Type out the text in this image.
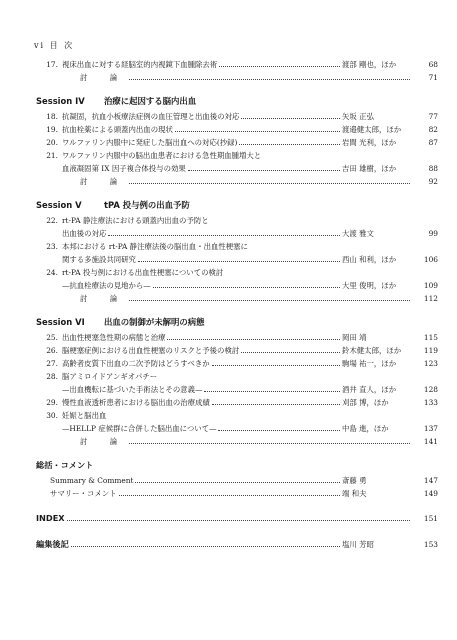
vi 目 次
17. 視床出血に対する経脳室的内視鏡下血腫除去術	渡部 剛也，ほか	68
討 論	71
Session IV	治療に起因する脳内出血
18. 抗凝固，抗血小板療法症例の血圧管理と出血後の対応	矢坂 正弘	77
19. 抗血栓薬による頭蓋内出血の現状	渡邉健太郎，ほか	82
20. ワルファリン内服中に発症した脳出血への対応(抄録)	岩間 光利，ほか	87
21. ワルファリン内服中の脳出血患者における急性期血腫増大と
血液凝固第 IX 因子複合体投与の効果	吉田 雄樹，ほか	88
討 論	92
Session V	tPA 投与例の出血予防
22. rt-PA 静注療法における頭蓋内出血の予防と
出血後の対応	大渡 雅文	99
23. 本邦における rt-PA 静注療法後の脳出血・出血性梗塞に
関する多施設共同研究	西山 和利，ほか	106
24. rt-PA 投与例における出血性梗塞についての検討
—抗血栓療法の見地から—	大里 俊明，ほか	109
討 論	112
Session VI	出血の制御が未解明の病態
25. 出血性梗塞急性期の病態と治療	岡田 靖	115
26. 脳梗塞症例における出血性梗塞のリスクと予後の検討	鈴木健太郎，ほか	119
27. 高齢者皮質下出血の二次予防はどうすべきか	駒場 祐一，ほか	123
28. 脳アミロイドアンギオパチー
—出血機転に基づいた手術法とその意義—	酒井 直人，ほか	128
29. 慢性血液透析患者における脳出血の治療成績	刈部 博，ほか	133
30. 妊娠と脳出血
—HELLP 症候群に合併した脳出血について—	中島 進，ほか	137
討 論	141
総括・コメント
Summary & Comment	斎藤 勇	147
サマリー・コメント	端 和夫	149
INDEX	151
編集後記	塩川 芳昭	153
